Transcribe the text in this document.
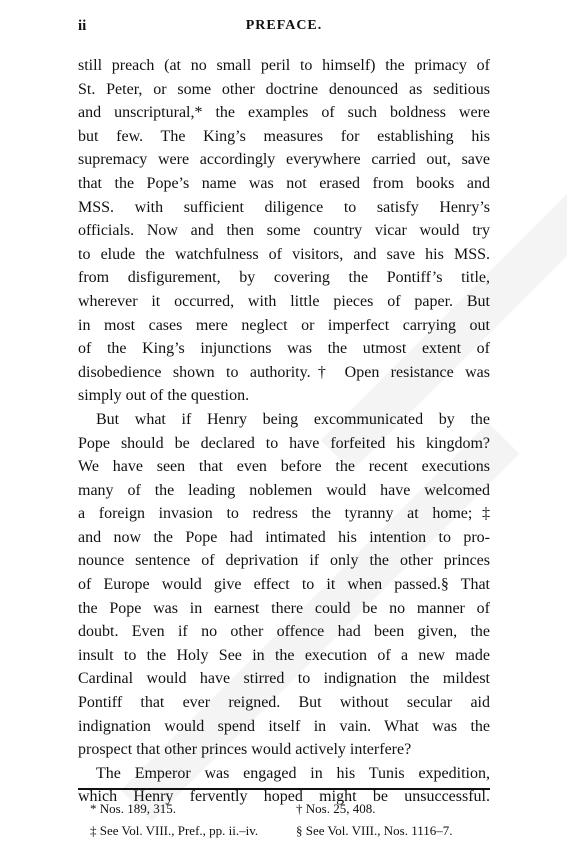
ii	PREFACE.
still preach (at no small peril to himself) the primacy of
St. Peter, or some other doctrine denounced as seditious
and unscriptural,* the examples of such boldness were
but few. The King’s measures for establishing his
supremacy were accordingly everywhere carried out, save
that the Pope’s name was not erased from books and
MSS. with sufficient diligence to satisfy Henry’s
officials. Now and then some country vicar would try
to elude the watchfulness of visitors, and save his MSS.
from disfigurement, by covering the Pontiff’s title,
wherever it occurred, with little pieces of paper. But
in most cases mere neglect or imperfect carrying out
of the King’s injunctions was the utmost extent of
disobedience shown to authority.† Open resistance was
simply out of the question.
But what if Henry being excommunicated by the
Pope should be declared to have forfeited his kingdom?
We have seen that even before the recent executions
many of the leading noblemen would have welcomed
a foreign invasion to redress the tyranny at home;‡
and now the Pope had intimated his intention to pro-
nounce sentence of deprivation if only the other princes
of Europe would give effect to it when passed.§ That
the Pope was in earnest there could be no manner of
doubt. Even if no other offence had been given, the
insult to the Holy See in the execution of a new made
Cardinal would have stirred to indignation the mildest
Pontiff that ever reigned. But without secular aid
indignation would spend itself in vain. What was the
prospect that other princes would actively interfere?
The Emperor was engaged in his Tunis expedition,
which Henry fervently hoped might be unsuccessful.
* Nos. 189, 315.	† Nos. 25, 408.
‡ See Vol. VIII., Pref., pp. ii.–iv.	§ See Vol. VIII., Nos. 1116–7.
